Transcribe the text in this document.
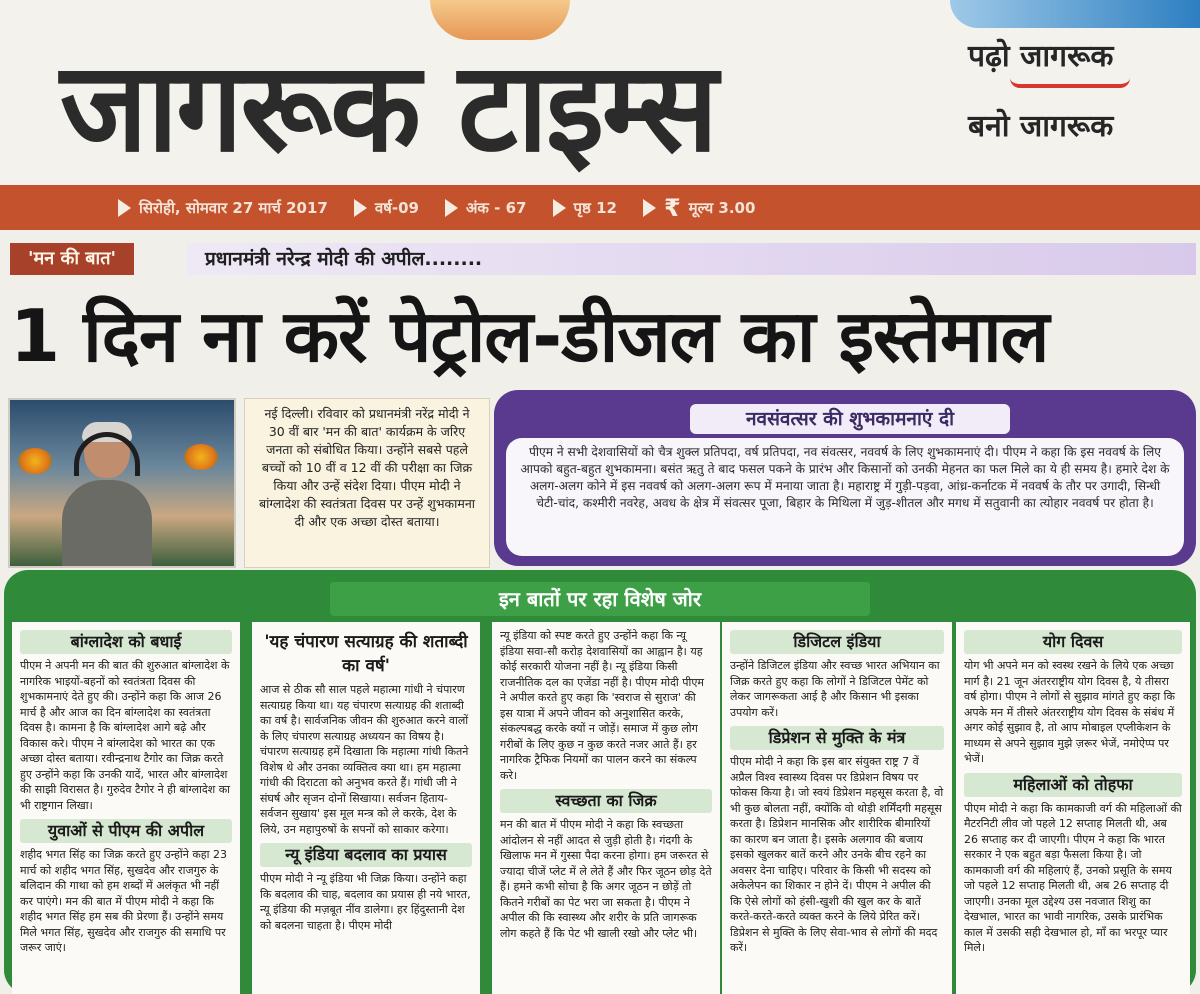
जागरूक टाइम्स	पढ़ो जागरूक
बनो जागरूक
सिरोही, सोमवार 27 मार्च 2017	वर्ष-09	अंक - 67	पृष्ठ 12 ₹ मूल्य 3.00
'मन की बात'	प्रधानमंत्री नरेन्द्र मोदी की अपील........
1 दिन ना करें पेट्रोल-डीजल का इस्तेमाल
नई दिल्ली। रविवार को प्रधानमंत्री नरेंद्र मोदी ने 30 वीं बार 'मन की बात' कार्यक्रम के जरिए जनता को संबोधित किया। उन्होंने सबसे पहले बच्चों को 10 वीं व 12 वीं की परीक्षा का जिक्र किया और उन्हें संदेश दिया। पीएम मोदी ने बांग्लादेश की स्वतंत्रता दिवस पर उन्हें शुभकामना दी और एक अच्छा दोस्त बताया।
नवसंवत्सर की शुभकामनाएं दी
पीएम ने सभी देशवासियों को चैत्र शुक्ल प्रतिपदा, वर्ष प्रतिपदा, नव संवत्सर, नववर्ष के लिए शुभकामनाएं दी। पीएम ने कहा कि इस नववर्ष के लिए आपको बहुत-बहुत शुभकामना। बसंत ऋतु ते बाद फसल पकने के प्रारंभ और किसानों को उनकी मेहनत का फल मिले का ये ही समय है। हमारे देश के अलग-अलग कोने में इस नववर्ष को अलग-अलग रूप में मनाया जाता है। महाराष्ट्र में गुड़ी-पड़वा, आंध्र-कर्नाटक में नववर्ष के तौर पर उगादी, सिन्धी चेटी-चांद, कश्मीरी नवरेह, अवध के क्षेत्र में संवत्सर पूजा, बिहार के मिथिला में जुड़-शीतल और मगध में सतुवानी का त्योहार नववर्ष पर होता है।
इन बातों पर रहा विशेष जोर
बांग्लादेश को बधाई

पीएम ने अपनी मन की बात की शुरुआत बांग्लादेश के नागरिक भाइयों-बहनों को स्वतंत्रता दिवस की शुभकामनाएं देते हुए की। उन्होंने कहा कि आज 26 मार्च है और आज का दिन बांग्लादेश का स्वतंत्रता दिवस है। कामना है कि बांग्लादेश आगे बढ़े और विकास करे। पीएम ने बांग्लादेश को भारत का एक अच्छा दोस्त बताया। रवीन्द्रनाथ टैगोर का जिक्र करते हुए उन्होंने कहा कि उनकी यादें, भारत और बांग्लादेश की साझी विरासत है। गुरुदेव टैगोर ने ही बांग्लादेश का भी राष्ट्रगान लिखा।

युवाओं से पीएम की अपील

शहीद भगत सिंह का जिक्र करते हुए उन्होंने कहा 23 मार्च को शहीद भगत सिंह, सुखदेव और राजगुरु के बलिदान की गाथा को हम शब्दों में अलंकृत भी नहीं कर पाएंगे। मन की बात में पीएम मोदी ने कहा कि शहीद भगत सिंह हम सब की प्रेरणा हैं। उन्होंने समय मिले भगत सिंह, सुखदेव और राजगुरु की समाधि पर जरूर जाएं।

'यह चंपारण सत्याग्रह की शताब्दी का वर्ष'

आज से ठीक सौ साल पहले महात्मा गांधी ने चंपारण सत्याग्रह किया था। यह चंपारण सत्याग्रह की शताब्दी का वर्ष है। सार्वजनिक जीवन की शुरुआत करने वालों के लिए चंपारण सत्याग्रह अध्ययन का विषय है। चंपारण सत्याग्रह हमें दिखाता कि महात्मा गांधी कितने विशेष थे और उनका व्यक्तित्व क्या था। हम महात्मा गांधी की दिराटता को अनुभव करते हैं। गांधी जी ने संघर्ष और सृजन दोनों सिखाया। सर्वजन हिताय- सर्वजन सुखाय' इस मूल मन्त्र को ले करके, देश के लिये, उन महापुरुषों के सपनों को साकार करेगा।

न्यू इंडिया बदलाव का प्रयास

पीएम मोदी ने न्यू इंडिया भी जिक्र किया। उन्होंने कहा कि बदलाव की चाह, बदलाव का प्रयास ही नये भारत, न्यू इंडिया की मज़बूत नींव डालेगा। हर हिंदुस्तानी देश को बदलना चाहता है। पीएम मोदी

न्यू इंडिया को स्पष्ट करते हुए उन्होंने कहा कि न्यू इंडिया सवा-सौ करोड़ देशवासियों का आह्वान है। यह कोई सरकारी योजना नहीं है। न्यू इंडिया किसी राजनीतिक दल का एजेंडा नहीं है। पीएम मोदी पीएम ने अपील करते हुए कहा कि 'स्वराज से सुराज' की इस यात्रा में अपने जीवन को अनुशासित करके, संकल्पबद्ध करके क्यों न जोड़ें। समाज में कुछ लोग गरीबों के लिए कुछ न कुछ करते नजर आते हैं। हर नागरिक ट्रैफिक नियमों का पालन करने का संकल्प करे।

स्वच्छता का जिक्र

मन की बात में पीएम मोदी ने कहा कि स्वच्छता आंदोलन से नहीं आदत से जुड़ी होती है। गंदगी के खिलाफ मन में गुस्सा पैदा करना होगा। हम जरूरत से ज्यादा चीजें प्लेट में ले लेते हैं और फिर जूठन छोड़ देते हैं। हमने कभी सोचा है कि अगर जूठन न छोड़ें तो कितने गरीबों का पेट भरा जा सकता है। पीएम ने अपील की कि स्वास्थ्य और शरीर के प्रति जागरूक लोग कहते हैं कि पेट भी खाली रखो और प्लेट भी।

डिजिटल इंडिया

उन्होंने डिजिटल इंडिया और स्वच्छ भारत अभियान का जिक्र करते हुए कहा कि लोगों ने डिजिटल पेमेंट को लेकर जागरूकता आई है और किसान भी इसका उपयोग करें।

डिप्रेशन से मुक्ति के मंत्र

पीएम मोदी ने कहा कि इस बार संयुक्त राष्ट्र 7 वें अप्रैल विश्व स्वास्थ्य दिवस पर डिप्रेशन विषय पर फोकस किया है। जो स्वयं डिप्रेशन महसूस करता है, वो भी कुछ बोलता नहीं, क्योंकि वो थोड़ी शर्मिंदगी महसूस करता है। डिप्रेशन मानसिक और शारीरिक बीमारियों का कारण बन जाता है। इसके अलगाव की बजाय इसको खुलकर बातें करने और उनके बीच रहने का अवसर देना चाहिए। परिवार के किसी भी सदस्य को अकेलेपन का शिकार न होने दें। पीएम ने अपील की कि ऐसे लोगों को हंसी-खुशी की खुल कर के बातें करते-करते-करते व्यक्त करने के लिये प्रेरित करें। डिप्रेशन से मुक्ति के लिए सेवा-भाव से लोगों की मदद करें।

योग दिवस

योग भी अपने मन को स्वस्थ रखने के लिये एक अच्छा मार्ग है। 21 जून अंतरराष्ट्रीय योग दिवस है, ये तीसरा वर्ष होगा। पीएम ने लोगों से सुझाव मांगते हुए कहा कि अपके मन में तीसरे अंतरराष्ट्रीय योग दिवस के संबंध में अगर कोई सुझाव है, तो आप मोबाइल एप्लीकेशन के माध्यम से अपने सुझाव मुझे ज़रूर भेजें, नमोऐप्प पर भेजें।

महिलाओं को तोहफा

पीएम मोदी ने कहा कि कामकाजी वर्ग की महिलाओं की मैटरनिटी लीव जो पहले 12 सप्ताह मिलती थी, अब 26 सप्ताह कर दी जाएगी। पीएम ने कहा कि भारत सरकार ने एक बहुत बड़ा फैसला किया है। जो कामकाजी वर्ग की महिलाएं हैं, उनको प्रसूति के समय जो पहले 12 सप्ताह मिलती थी, अब 26 सप्ताह दी जाएगी। उनका मूल उद्देश्य उस नवजात शिशु का देखभाल, भारत का भावी नागरिक, उसके प्रारंभिक काल में उसकी सही देखभाल हो, माँ का भरपूर प्यार मिले।
